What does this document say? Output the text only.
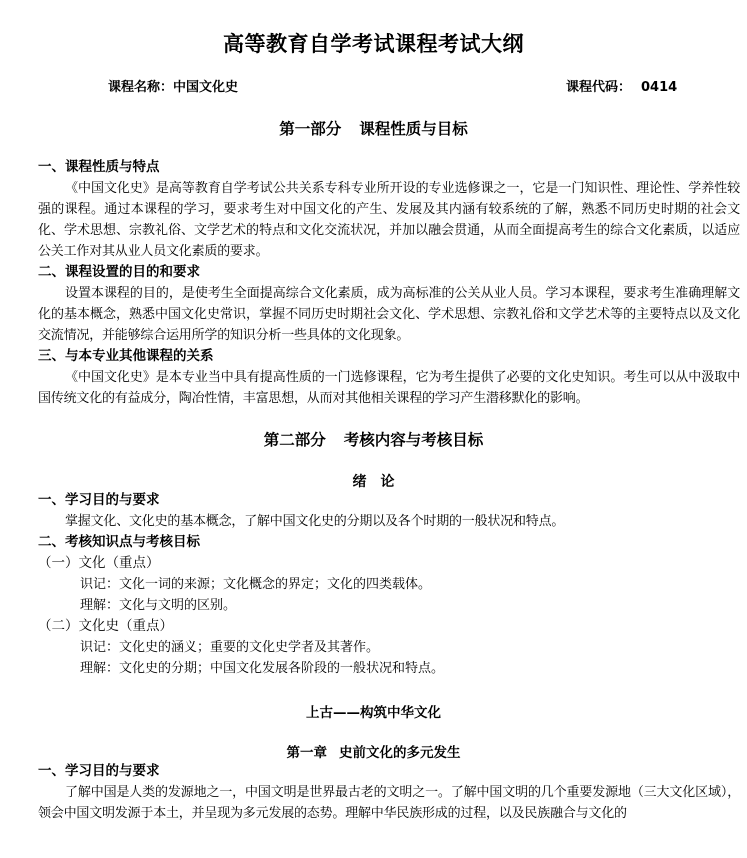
高等教育自学考试课程考试大纲
课程名称：中国文化史	课程代码： 0414
第一部分 课程性质与目标
一、课程性质与特点
《中国文化史》是高等教育自学考试公共关系专科专业所开设的专业选修课之一，它是一门知识性、理论性、学养性较强的课程。通过本课程的学习，要求考生对中国文化的产生、发展及其内涵有较系统的了解，熟悉不同历史时期的社会文化、学术思想、宗教礼俗、文学艺术的特点和文化交流状况，并加以融会贯通，从而全面提高考生的综合文化素质，以适应公关工作对其从业人员文化素质的要求。
二、课程设置的目的和要求
设置本课程的目的，是使考生全面提高综合文化素质，成为高标准的公关从业人员。学习本课程，要求考生准确理解文化的基本概念，熟悉中国文化史常识，掌握不同历史时期社会文化、学术思想、宗教礼俗和文学艺术等的主要特点以及文化交流情况，并能够综合运用所学的知识分析一些具体的文化现象。
三、与本专业其他课程的关系
《中国文化史》是本专业当中具有提高性质的一门选修课程，它为考生提供了必要的文化史知识。考生可以从中汲取中国传统文化的有益成分，陶冶性情，丰富思想，从而对其他相关课程的学习产生潜移默化的影响。
第二部分 考核内容与考核目标
绪论
一、学习目的与要求
掌握文化、文化史的基本概念，了解中国文化史的分期以及各个时期的一般状况和特点。
二、考核知识点与考核目标
（一）文化（重点）
识记：文化一词的来源；文化概念的界定；文化的四类载体。
理解：文化与文明的区别。
（二）文化史（重点）
识记：文化史的涵义；重要的文化史学者及其著作。
理解：文化史的分期；中国文化发展各阶段的一般状况和特点。
上古——构筑中华文化
第一章 史前文化的多元发生
一、学习目的与要求
了解中国是人类的发源地之一，中国文明是世界最古老的文明之一。了解中国文明的几个重要发源地（三大文化区域），领会中国文明发源于本土，并呈现为多元发展的态势。理解中华民族形成的过程，以及民族融合与文化的
